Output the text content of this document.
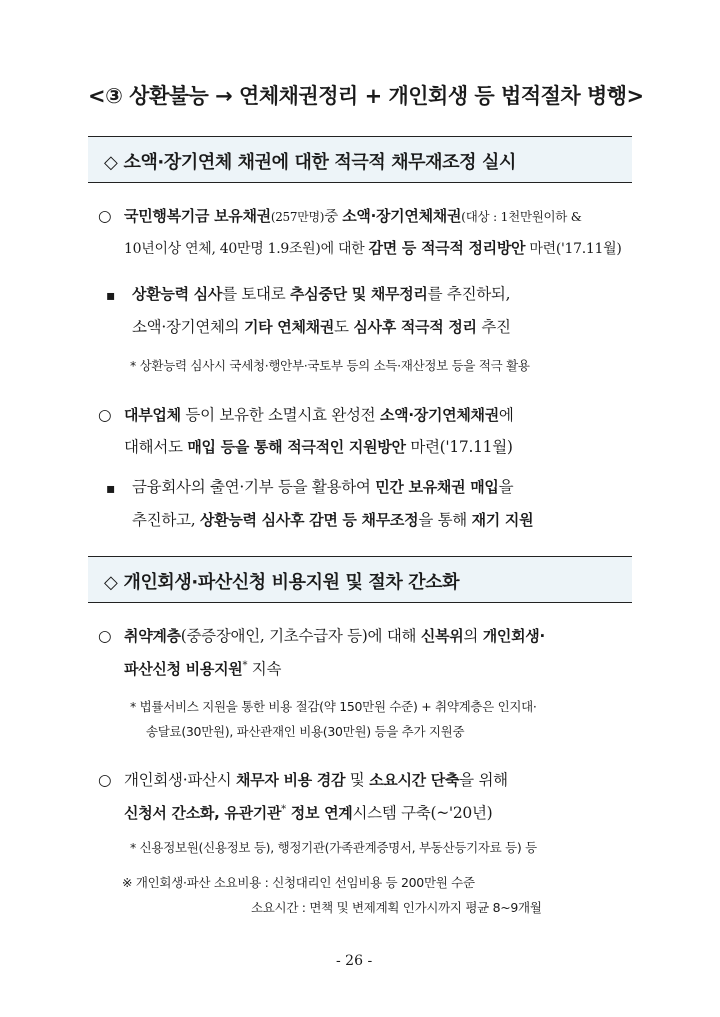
<③ 상환불능 → 연체채권정리 + 개인회생 등 법적절차 병행>
◇ 소액·장기연체 채권에 대한 적극적 채무재조정 실시
○ 국민행복기금 보유채권(257만명)중 소액·장기연체채권(대상 : 1천만원이하 &
10년이상 연체, 40만명 1.9조원)에 대한 감면 등 적극적 정리방안 마련('17.11월)
▪ 상환능력 심사를 토대로 추심중단 및 채무정리를 추진하되,
소액·장기연체의 기타 연체채권도 심사후 적극적 정리 추진
* 상환능력 심사시 국세청·행안부·국토부 등의 소득·재산정보 등을 적극 활용
○ 대부업체 등이 보유한 소멸시효 완성전 소액·장기연체채권에
대해서도 매입 등을 통해 적극적인 지원방안 마련('17.11월)
▪ 금융회사의 출연·기부 등을 활용하여 민간 보유채권 매입을
추진하고, 상환능력 심사후 감면 등 채무조정을 통해 재기 지원
◇ 개인회생·파산신청 비용지원 및 절차 간소화
○ 취약계층(중증장애인, 기초수급자 등)에 대해 신복위의 개인회생·
파산신청 비용지원* 지속
* 법률서비스 지원을 통한 비용 절감(약 150만원 수준) + 취약계층은 인지대·
송달료(30만원), 파산관재인 비용(30만원) 등을 추가 지원중
○ 개인회생·파산시 채무자 비용 경감 및 소요시간 단축을 위해
신청서 간소화, 유관기관* 정보 연계시스템 구축(~'20년)
* 신용정보원(신용정보 등), 행정기관(가족관계증명서, 부동산등기자료 등) 등
※ 개인회생·파산 소요비용 : 신청대리인 선임비용 등 200만원 수준
소요시간 : 면책 및 변제계획 인가시까지 평균 8~9개월
- 26 -
